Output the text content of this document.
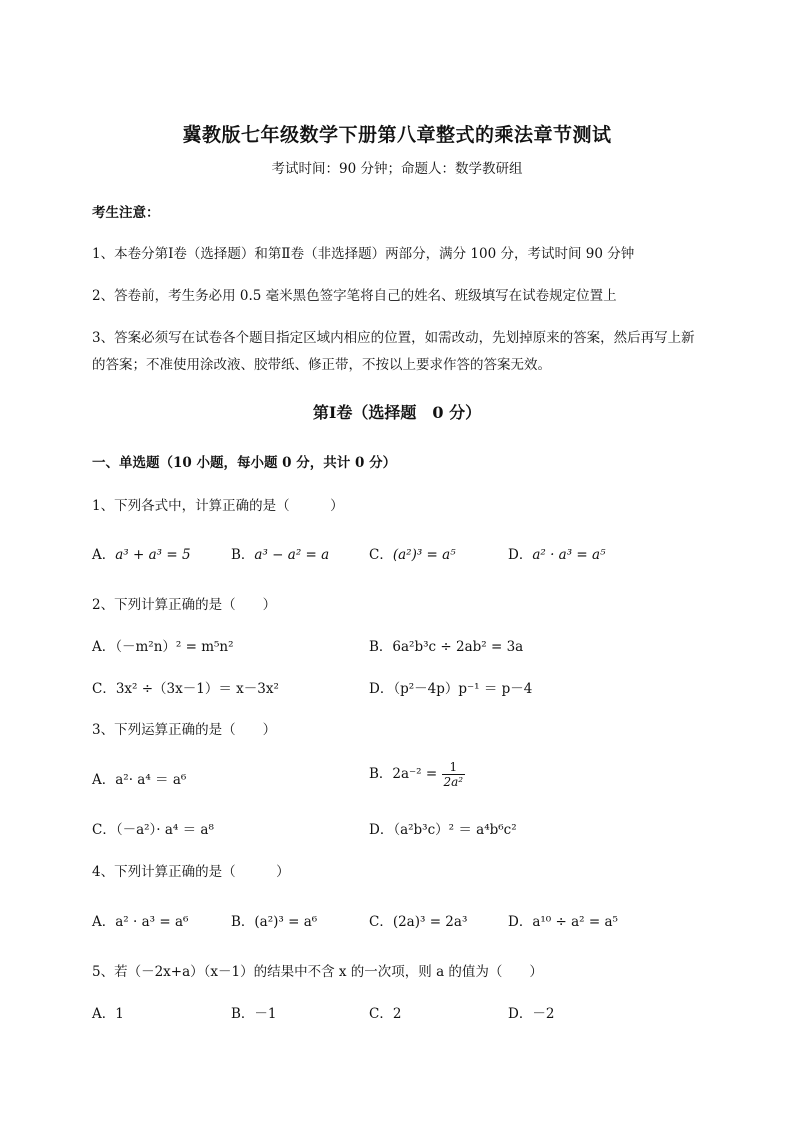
冀教版七年级数学下册第八章整式的乘法章节测试
考试时间：90 分钟；命题人：数学教研组
考生注意：
1、本卷分第Ⅰ卷（选择题）和第Ⅱ卷（非选择题）两部分，满分 100 分，考试时间 90 分钟
2、答卷前，考生务必用 0.5 毫米黑色签字笔将自己的姓名、班级填写在试卷规定位置上
3、答案必须写在试卷各个题目指定区域内相应的位置，如需改动，先划掉原来的答案，然后再写上新
的答案；不准使用涂改液、胶带纸、修正带，不按以上要求作答的答案无效。
第Ⅰ卷（选择题　0 分）
一、单选题（10 小题，每小题 0 分，共计 0 分）
1、下列各式中，计算正确的是（　　　）
A．a³ + a³ = 5	B．a³ − a² = a	C．(a²)³ = a⁵	D．a² · a³ = a⁵
2、下列计算正确的是（　　）
A．（－m²n）² = m⁵n²	B．6a²b³c ÷ 2ab² = 3a
C．3x² ÷（3x－1）＝ x－3x²	D．（p²－4p）p⁻¹ ＝ p－4
3、下列运算正确的是（　　）
A．a²· a⁴ ＝ a⁶	B．$2a^{-2} = \frac{1}{\text{2a²}}$
C．（－a²）· a⁴ ＝ a⁸	D．（a²b³c）² ＝ a⁴b⁶c²
4、下列计算正确的是（　　　）
A．a² · a³ = a⁶	B．(a²)³ = a⁶	C．(2a)³ = 2a³	D．a¹⁰ ÷ a² = a⁵
5、若（－2x+a）（x－1）的结果中不含 x 的一次项，则 a 的值为（　　）
A．1	B．－1	C．2	D．－2
